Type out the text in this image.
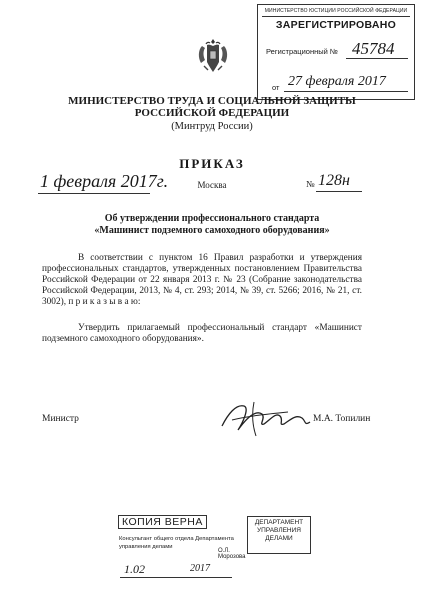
МИНИСТЕРСТВО ЮСТИЦИИ РОССИЙСКОЙ ФЕДЕРАЦИИ
ЗАРЕГИСТРИРОВАНО
Регистрационный № 45784
от 27 февраля 2017
МИНИСТЕРСТВО ТРУДА И СОЦИАЛЬНОЙ ЗАЩИТЫ
РОССИЙСКОЙ ФЕДЕРАЦИИ
(Минтруд России)
ПРИКАЗ
1 февраля 2017г.	Москва	№ 128н
Об утверждении профессионального стандарта
«Машинист подземного самоходного оборудования»
В соответствии с пунктом 16 Правил разработки и утверждения профессиональных стандартов, утвержденных постановлением Правительства Российской Федерации от 22 января 2013 г. № 23 (Собрание законодательства Российской Федерации, 2013, № 4, ст. 293; 2014, № 39, ст. 5266; 2016, № 21, ст. 3002), п р и к а з ы в а ю:
Утвердить прилагаемый профессиональный стандарт «Машинист подземного самоходного оборудования».
Министр	М.А. Топилин
КОПИЯ ВЕРНА
Консультант общего отдела Департамента
управления делами
О.Л. Морозова
1.02	2017
ДЕПАРТАМЕНТ
УПРАВЛЕНИЯ
ДЕЛАМИ
